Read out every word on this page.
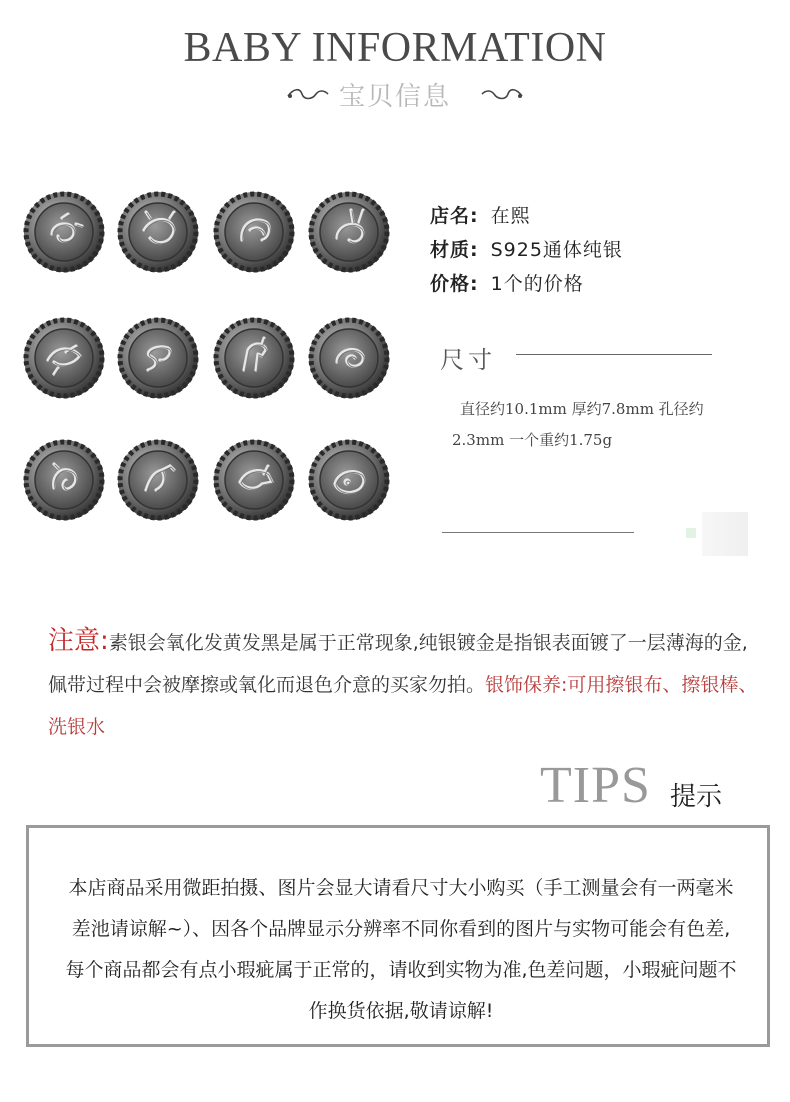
BABY INFORMATION
宝贝信息
店名: 在熙
材质: S925通体纯银
价格: 1个的价格
尺寸
直径约10.1mm 厚约7.8mm 孔径约2.3mm 一个重约1.75g
注意:素银会氧化发黄发黑是属于正常现象,纯银镀金是指银表面镀了一层薄海的金,佩带过程中会被摩擦或氧化而退色介意的买家勿拍。银饰保养:可用擦银布、擦银棒、洗银水
TIPS 提示
本店商品采用微距拍摄、图片会显大请看尺寸大小购买（手工测量会有一两毫米差池请谅解~）、因各个品牌显示分辨率不同你看到的图片与实物可能会有色差,每个商品都会有点小瑕疵属于正常的，请收到实物为准,色差问题，小瑕疵问题不作换货依据,敬请谅解!
